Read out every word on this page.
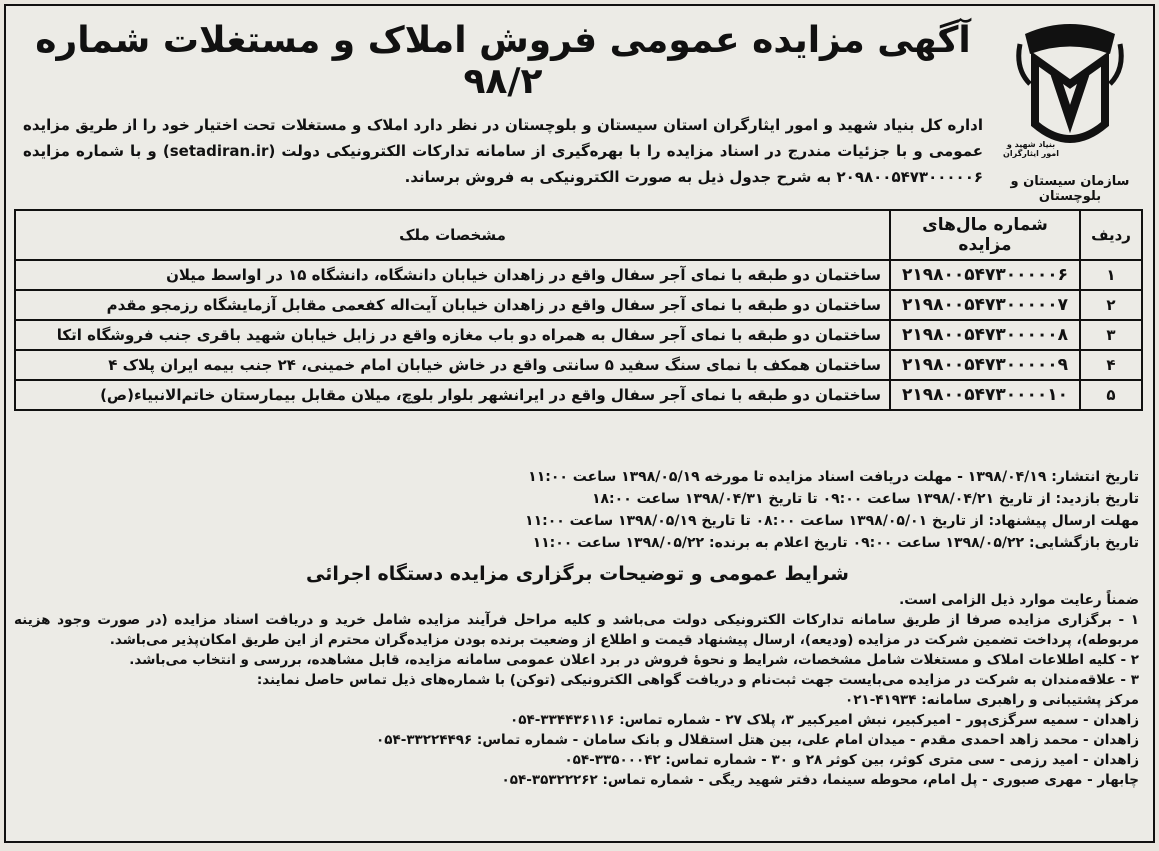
بنیاد شهید و امور ایثارگران
سازمان سیستان و بلوچستان
آگهی مزایده عمومی فروش املاک و مستغلات شماره ۹۸/۲
اداره کل بنیاد شهید و امور ایثارگران استان سیستان و بلوچستان در نظر دارد املاک و مستغلات تحت اختیار خود را از طریق مزایده عمومی و با جزئیات مندرج در اسناد مزایده را با بهره‌گیری از سامانه تدارکات الکترونیکی دولت (setadiran.ir) و با شماره مزایده ۲۰۹۸۰۰۵۴۷۳۰۰۰۰۰۶ به شرح جدول ذیل به صورت الکترونیکی به فروش برساند.
ردیف	شماره مال‌های مزایده	مشخصات ملک
۱	۲۱۹۸۰۰۵۴۷۳۰۰۰۰۰۶	ساختمان دو طبقه با نمای آجر سفال واقع در زاهدان خیابان دانشگاه، دانشگاه ۱۵ در اواسط میلان
۲	۲۱۹۸۰۰۵۴۷۳۰۰۰۰۰۷	ساختمان دو طبقه با نمای آجر سفال واقع در زاهدان خیابان آیت‌اله کفعمی مقابل آزمایشگاه رزمجو مقدم
۳	۲۱۹۸۰۰۵۴۷۳۰۰۰۰۰۸	ساختمان دو طبقه با نمای آجر سفال به همراه دو باب مغازه واقع در زابل خیابان شهید باقری جنب فروشگاه اتکا
۴	۲۱۹۸۰۰۵۴۷۳۰۰۰۰۰۹	ساختمان همکف با نمای سنگ سفید ۵ سانتی واقع در خاش خیابان امام خمینی، ۲۴ جنب بیمه ایران پلاک ۴
۵	۲۱۹۸۰۰۵۴۷۳۰۰۰۰۱۰	ساختمان دو طبقه با نمای آجر سفال واقع در ایرانشهر بلوار بلوچ، میلان مقابل بیمارستان خاتم‌الانبیاء(ص)
تاریخ انتشار: ۱۳۹۸/۰۴/۱۹ - مهلت دریافت اسناد مزایده تا مورخه ۱۳۹۸/۰۵/۱۹ ساعت ۱۱:۰۰
تاریخ بازدید: از تاریخ ۱۳۹۸/۰۴/۲۱ ساعت ۰۹:۰۰ تا تاریخ ۱۳۹۸/۰۴/۳۱ ساعت ۱۸:۰۰
مهلت ارسال پیشنهاد: از تاریخ ۱۳۹۸/۰۵/۰۱ ساعت ۰۸:۰۰ تا تاریخ ۱۳۹۸/۰۵/۱۹ ساعت ۱۱:۰۰
تاریخ بازگشایی: ۱۳۹۸/۰۵/۲۲ ساعت ۰۹:۰۰ تاریخ اعلام به برنده: ۱۳۹۸/۰۵/۲۲ ساعت ۱۱:۰۰
شرایط عمومی و توضیحات برگزاری مزایده دستگاه اجرائی
ضمناً رعایت موارد ذیل الزامی است.
۱ - برگزاری مزایده صرفا از طریق سامانه تدارکات الکترونیکی دولت می‌باشد و کلیه مراحل فرآیند مزایده شامل خرید و دریافت اسناد مزایده (در صورت وجود هزینه مربوطه)، پرداخت تضمین شرکت در مزایده (ودیعه)، ارسال پیشنهاد قیمت و اطلاع از وضعیت برنده بودن مزایده‌گران محترم از این طریق امکان‌پذیر می‌باشد.
۲ - کلیه اطلاعات املاک و مستغلات شامل مشخصات، شرایط و نحوهٔ فروش در برد اعلان عمومی سامانه مزایده، قابل مشاهده، بررسی و انتخاب می‌باشد.
۳ - علاقه‌مندان به شرکت در مزایده می‌بایست جهت ثبت‌نام و دریافت گواهی الکترونیکی (توکن) با شماره‌های ذیل تماس حاصل نمایند:
مرکز پشتیبانی و راهبری سامانه: ۴۱۹۳۴-۰۲۱
زاهدان - سمیه سرگزی‌پور - امیرکبیر، نبش امیرکبیر ۳، پلاک ۲۷ - شماره تماس: ۳۳۴۴۳۶۱۱۶-۰۵۴
زاهدان - محمد زاهد احمدی مقدم - میدان امام علی، بین هتل استقلال و بانک سامان - شماره تماس: ۳۳۲۲۴۴۹۶-۰۵۴
زاهدان - امید رزمی - سی متری کوثر، بین کوثر ۲۸ و ۳۰ - شماره تماس: ۳۳۵۰۰۰۴۲-۰۵۴
چابهار - مهری صبوری - پل امام، محوطه سینما، دفتر شهید ریگی - شماره تماس: ۳۵۳۲۲۲۶۲-۰۵۴
